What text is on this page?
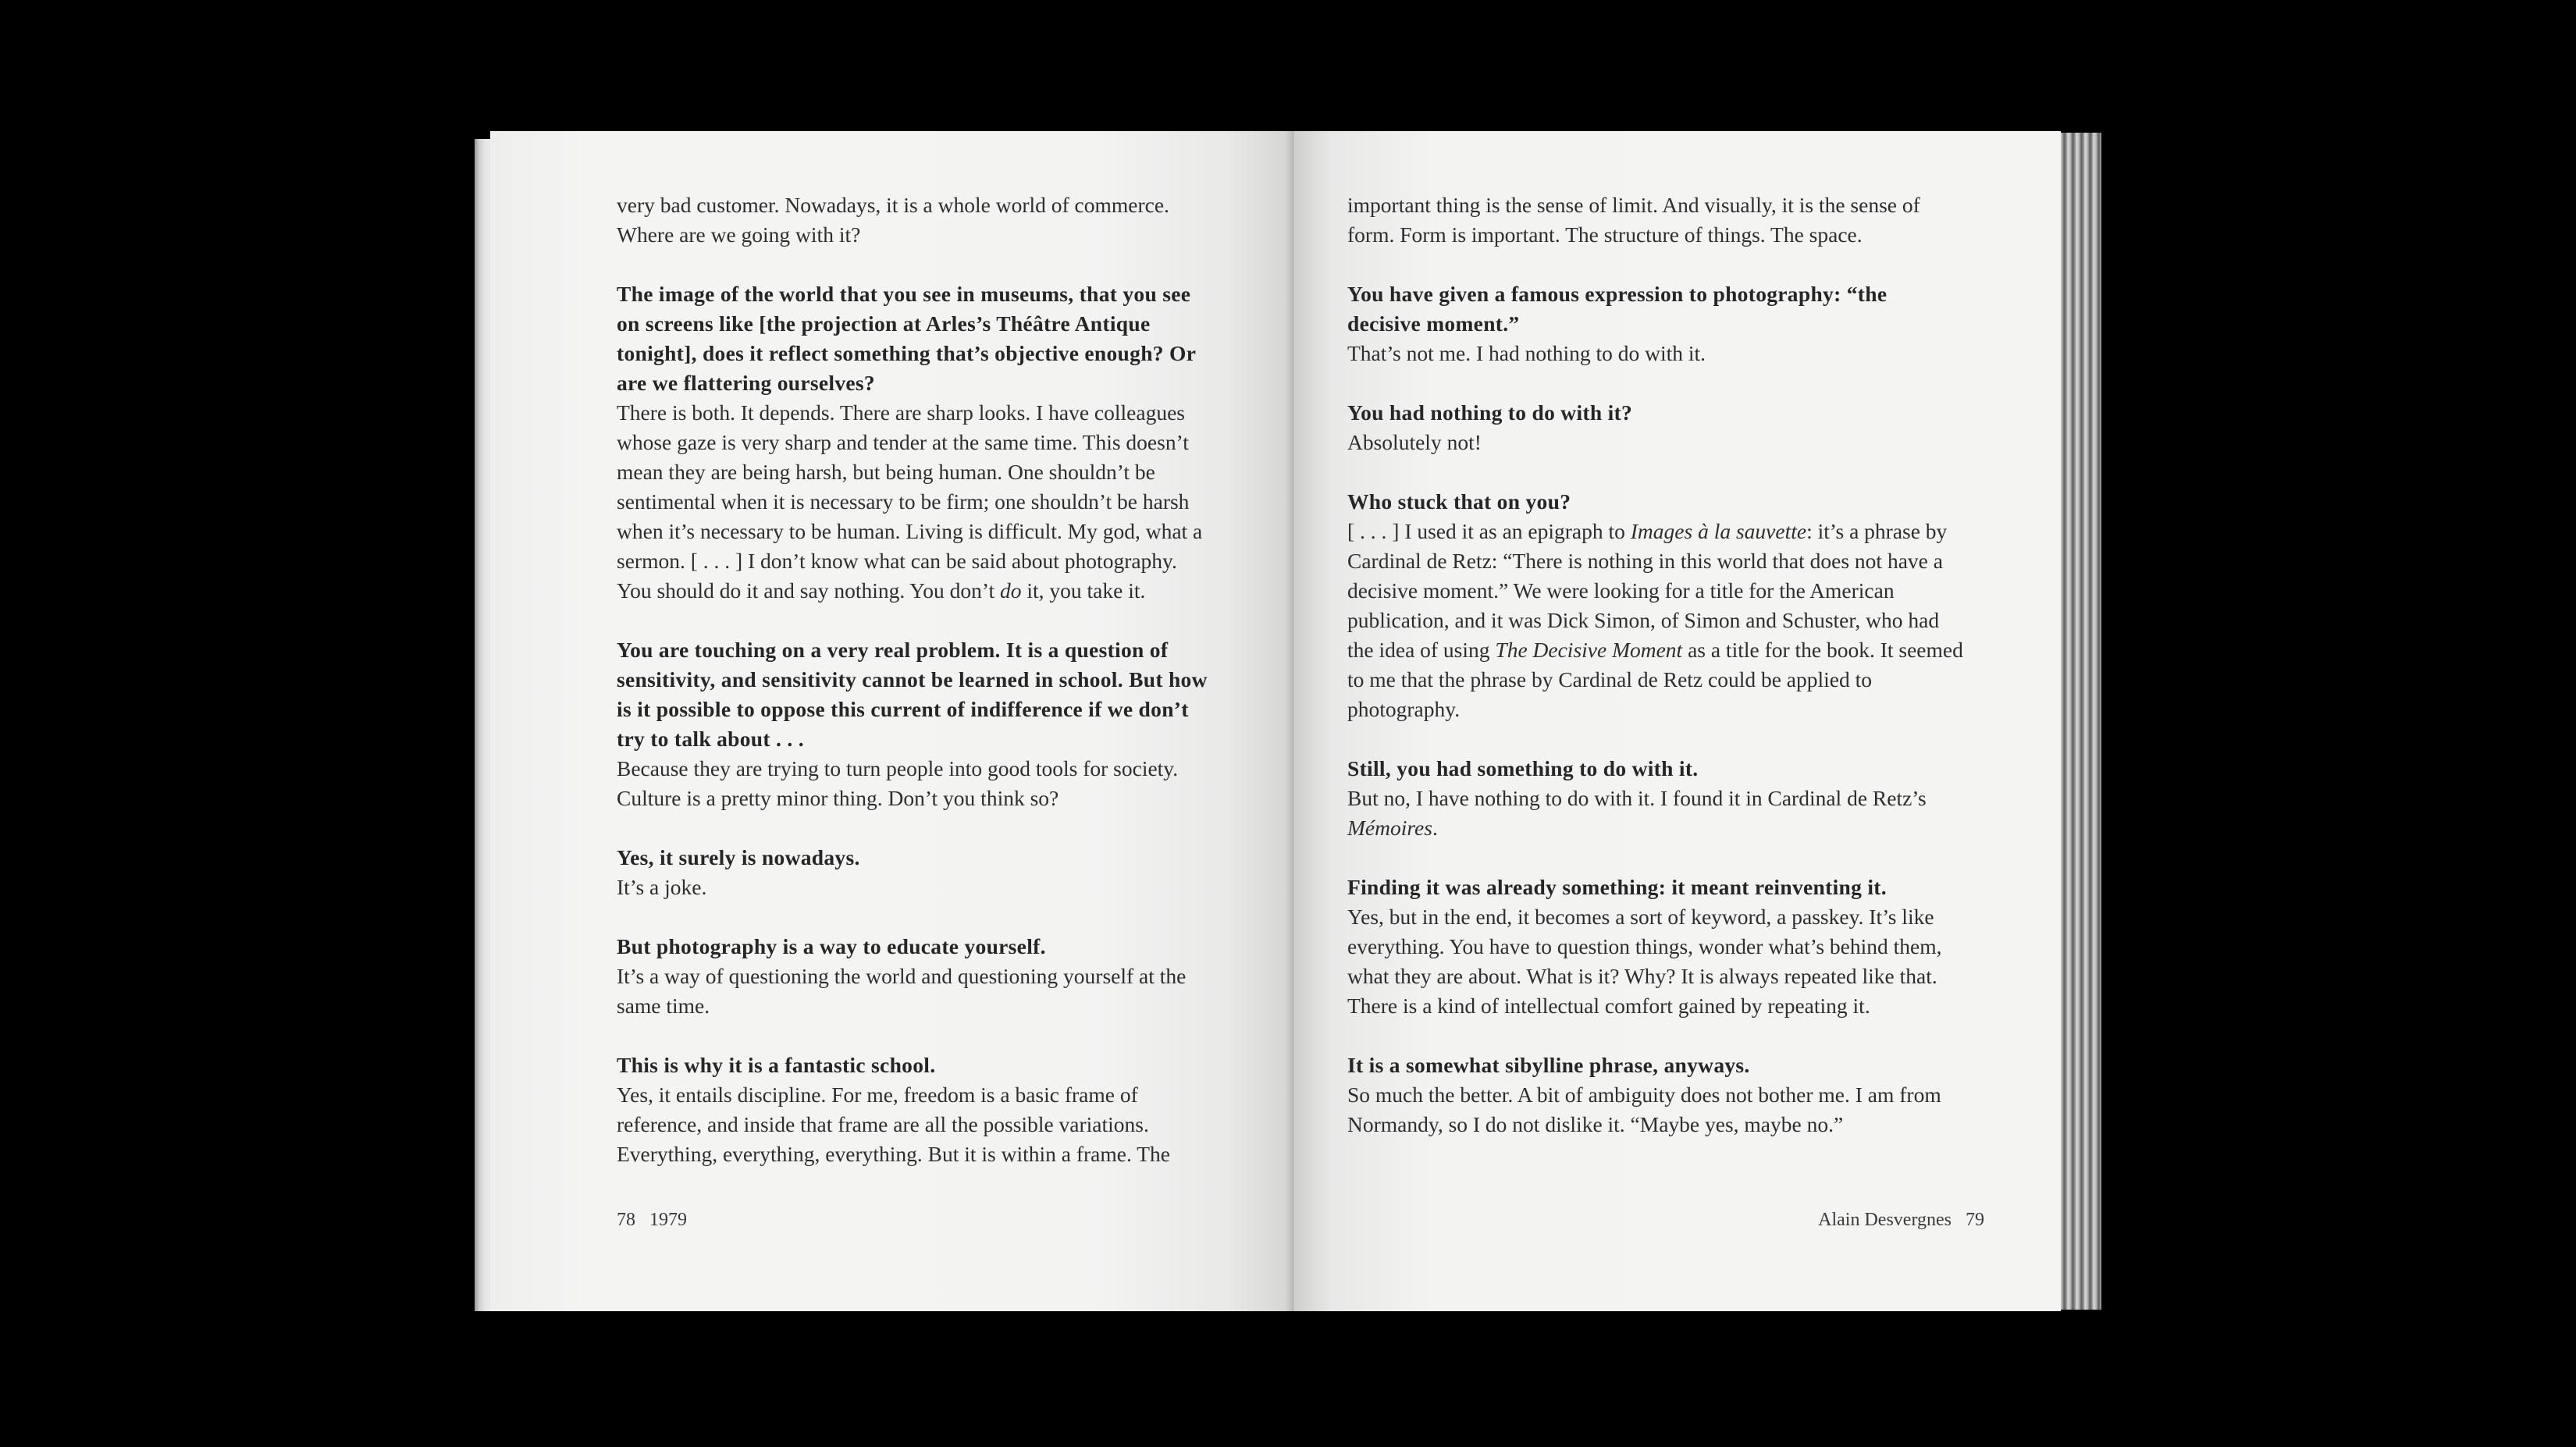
very bad customer. Nowadays, it is a whole world of commerce. Where are we going with it?

The image of the world that you see in museums, that you see on screens like [the projection at Arles’s Théâtre Antique tonight], does it reflect something that’s objective enough? Or are we flattering ourselves?

There is both. It depends. There are sharp looks. I have colleagues whose gaze is very sharp and tender at the same time. This doesn’t mean they are being harsh, but being human. One shouldn’t be sentimental when it is necessary to be firm; one shouldn’t be harsh when it’s necessary to be human. Living is difficult. My god, what a sermon. [ . . . ] I don’t know what can be said about photography. You should do it and say nothing. You don’t do it, you take it.

You are touching on a very real problem. It is a question of sensitivity, and sensitivity cannot be learned in school. But how is it possible to oppose this current of indifference if we don’t try to talk about . . .

Because they are trying to turn people into good tools for society. Culture is a pretty minor thing. Don’t you think so?

Yes, it surely is nowadays.

It’s a joke.

But photography is a way to educate yourself.

It’s a way of questioning the world and questioning yourself at the same time.

This is why it is a fantastic school.

Yes, it entails discipline. For me, freedom is a basic frame of reference, and inside that frame are all the possible variations. Everything, everything, everything. But it is within a frame. The

78 1979

important thing is the sense of limit. And visually, it is the sense of form. Form is important. The structure of things. The space.

You have given a famous expression to photography: “the decisive moment.”

That’s not me. I had nothing to do with it.

You had nothing to do with it?

Absolutely not!

Who stuck that on you?

[ . . . ] I used it as an epigraph to Images à la sauvette: it’s a phrase by Cardinal de Retz: “There is nothing in this world that does not have a decisive moment.” We were looking for a title for the American publication, and it was Dick Simon, of Simon and Schuster, who had the idea of using The Decisive Moment as a title for the book. It seemed to me that the phrase by Cardinal de Retz could be applied to photography.

Still, you had something to do with it.

But no, I have nothing to do with it. I found it in Cardinal de Retz’s Mémoires.

Finding it was already something: it meant reinventing it.

Yes, but in the end, it becomes a sort of keyword, a passkey. It’s like everything. You have to question things, wonder what’s behind them, what they are about. What is it? Why? It is always repeated like that. There is a kind of intellectual comfort gained by repeating it.

It is a somewhat sibylline phrase, anyways.

So much the better. A bit of ambiguity does not bother me. I am from Normandy, so I do not dislike it. “Maybe yes, maybe no.”

Alain Desvergnes 79
